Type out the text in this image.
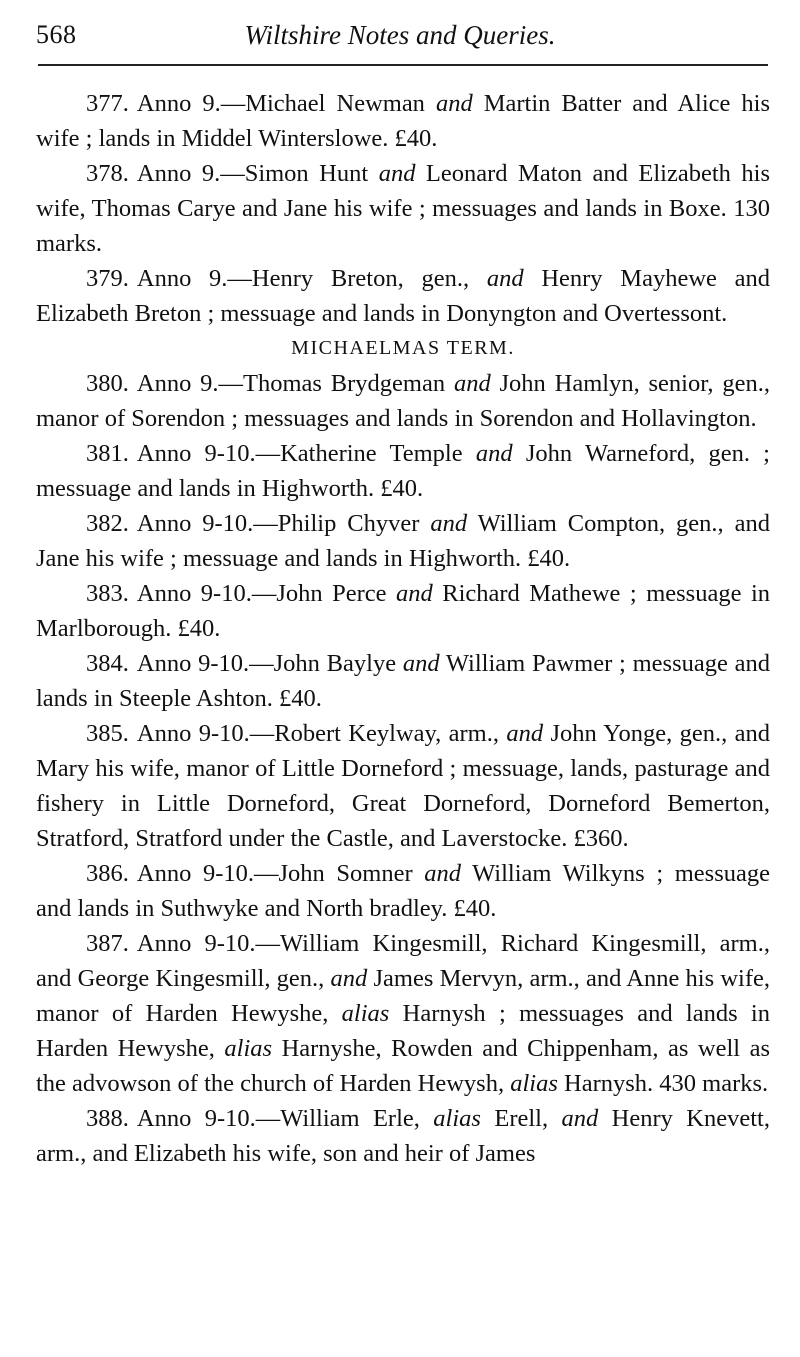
568	Wiltshire Notes and Queries.

377. Anno 9.—Michael Newman and Martin Batter and Alice his wife ; lands in Middel Winterslowe. £40.

378. Anno 9.—Simon Hunt and Leonard Maton and Elizabeth his wife, Thomas Carye and Jane his wife ; messuages and lands in Boxe. 130 marks.

379. Anno 9.—Henry Breton, gen., and Henry Mayhewe and Elizabeth Breton ; messuage and lands in Donyngton and Overtessont.

MICHAELMAS TERM.

380. Anno 9.—Thomas Brydgeman and John Hamlyn, senior, gen., manor of Sorendon ; messuages and lands in Sorendon and Hollavington.

381. Anno 9-10.—Katherine Temple and John Warneford, gen. ; messuage and lands in Highworth. £40.

382. Anno 9-10.—Philip Chyver and William Compton, gen., and Jane his wife ; messuage and lands in Highworth. £40.

383. Anno 9-10.—John Perce and Richard Mathewe ; messuage in Marlborough. £40.

384. Anno 9-10.—John Baylye and William Pawmer ; messuage and lands in Steeple Ashton. £40.

385. Anno 9-10.—Robert Keylway, arm., and John Yonge, gen., and Mary his wife, manor of Little Dorneford ; messuage, lands, pasturage and fishery in Little Dorneford, Great Dorneford, Dorneford Bemerton, Stratford, Stratford under the Castle, and Laverstocke. £360.

386. Anno 9-10.—John Somner and William Wilkyns ; messuage and lands in Suthwyke and North bradley. £40.

387. Anno 9-10.—William Kingesmill, Richard Kingesmill, arm., and George Kingesmill, gen., and James Mervyn, arm., and Anne his wife, manor of Harden Hewyshe, alias Harnysh ; messuages and lands in Harden Hewyshe, alias Harnyshe, Rowden and Chippenham, as well as the advowson of the church of Harden Hewysh, alias Harnysh. 430 marks.

388. Anno 9-10.—William Erle, alias Erell, and Henry Knevett, arm., and Elizabeth his wife, son and heir of James
